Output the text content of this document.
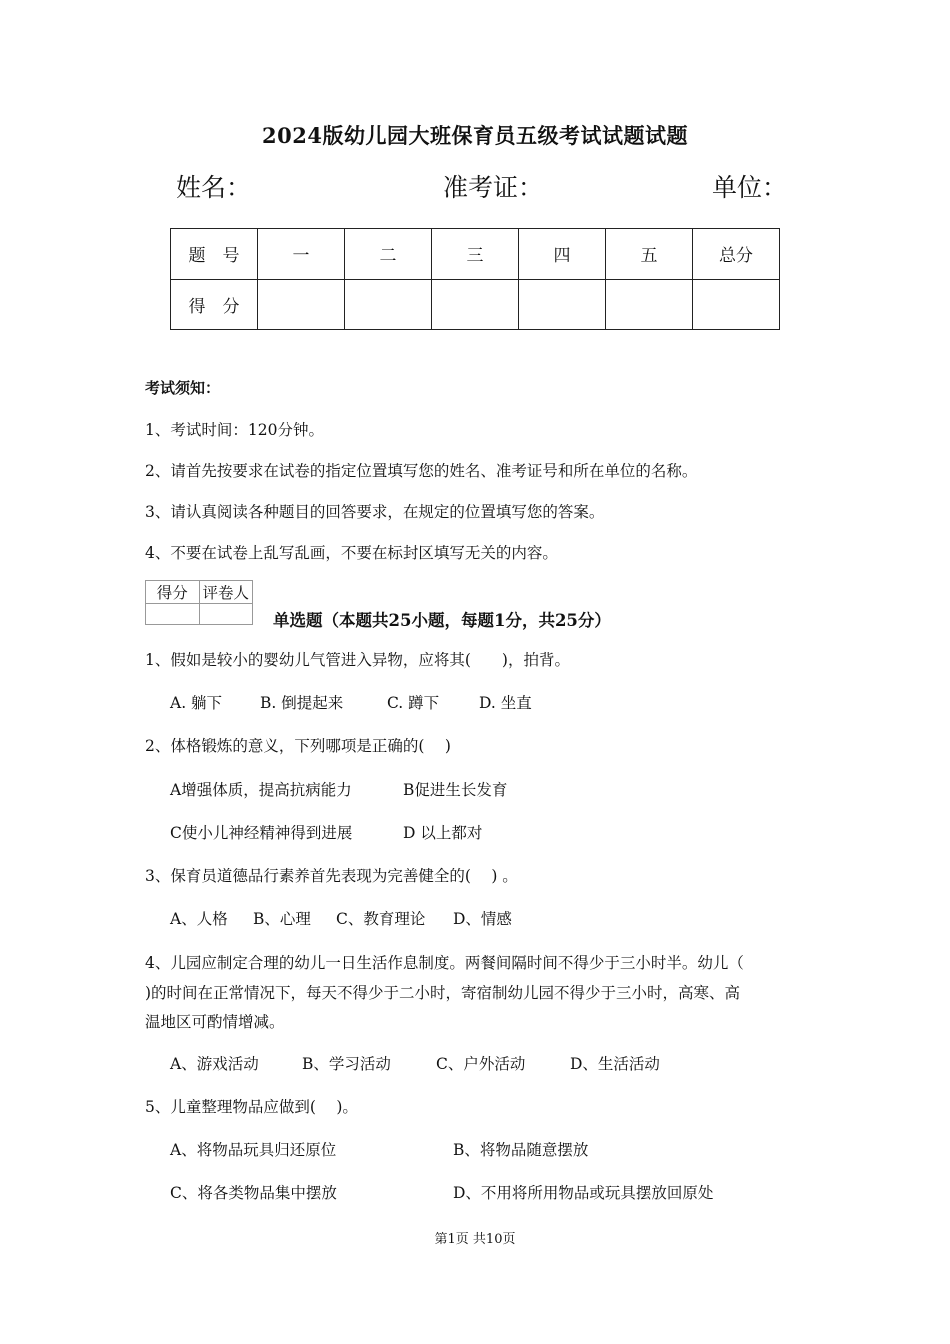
2024版幼儿园大班保育员五级考试试题试题
姓名：	准考证：	单位：
题　号	一	二	三	四	五	总分
得　分						
考试须知：
1、考试时间：120分钟。
2、请首先按要求在试卷的指定位置填写您的姓名、准考证号和所在单位的名称。
3、请认真阅读各种题目的回答要求，在规定的位置填写您的答案。
4、不要在试卷上乱写乱画，不要在标封区填写无关的内容。
得分	评卷人

单选题（本题共25小题，每题1分，共25分）
1、假如是较小的婴幼儿气管进入异物，应将其(　　)，拍背。
A. 躺下 B. 倒提起来	C. 蹲下	D. 坐直
2、体格锻炼的意义，下列哪项是正确的(　 )
A增强体质，提高抗病能力	B促进生长发育
C使小儿神经精神得到进展	D 以上都对
3、保育员道德品行素养首先表现为完善健全的(　 ) 。
A、人格 B、心理 C、教育理论 D、情感
4、儿园应制定合理的幼儿一日生活作息制度。两餐间隔时间不得少于三小时半。幼儿（
)的时间在正常情况下，每天不得少于二小时，寄宿制幼儿园不得少于三小时，高寒、高
温地区可酌情增减。
A、游戏活动	B、学习活动	C、户外活动	D、生活活动
5、儿童整理物品应做到(　 )。
A、将物品玩具归还原位	B、将物品随意摆放
C、将各类物品集中摆放	D、不用将所用物品或玩具摆放回原处
第1页 共10页
